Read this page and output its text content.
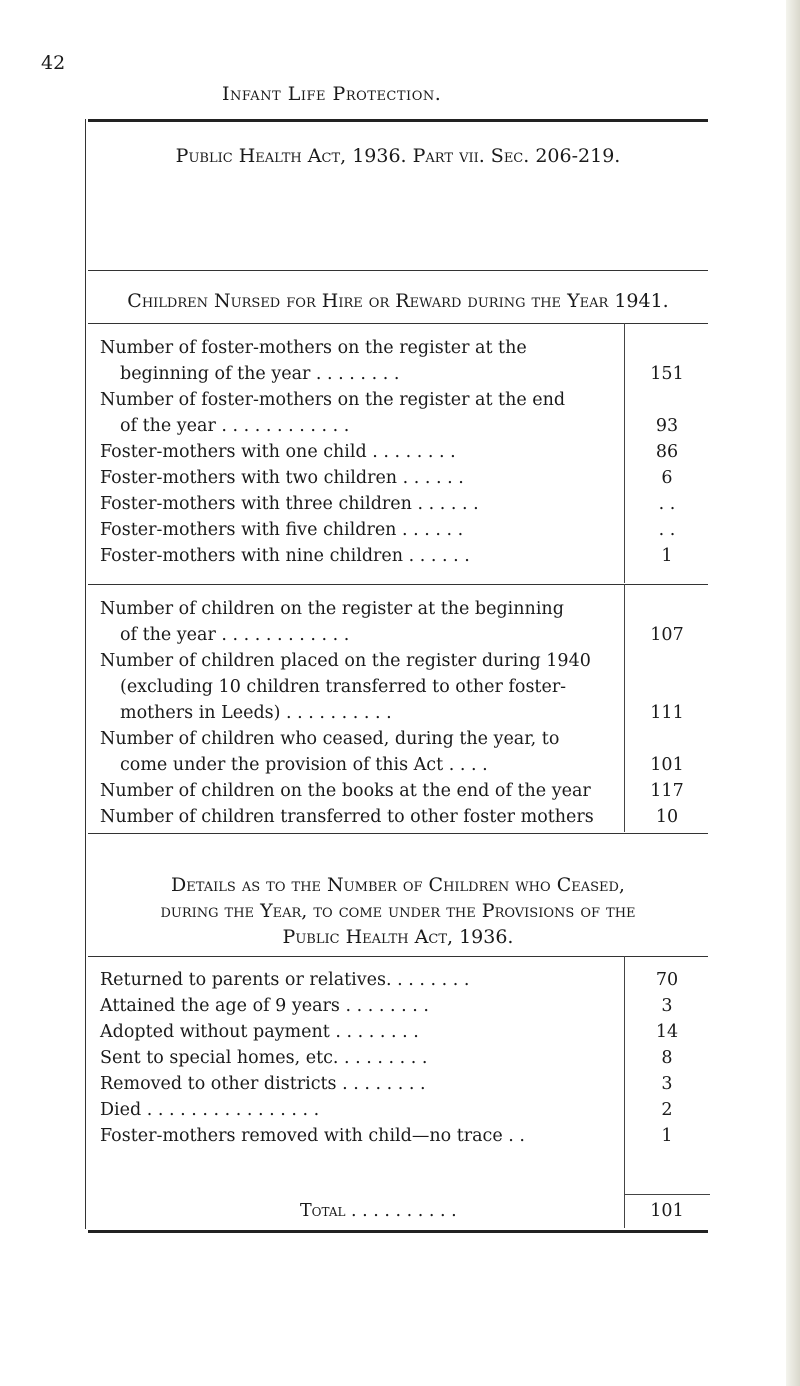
42
Infant Life Protection.
Public Health Act, 1936. Part vii. Sec. 206-219.
Children Nursed for Hire or Reward during the Year 1941.
Number of foster-mothers on the register at the
beginning of the year . . . . . . . .	151
Number of foster-mothers on the register at the end
of the year . . . . . . . . . . . .	93
Foster-mothers with one child . . . . . . . .	86
Foster-mothers with two children . . . . . .	6
Foster-mothers with three children . . . . . .	. .
Foster-mothers with five children . . . . . .	. .
Foster-mothers with nine children . . . . . .	1
Number of children on the register at the beginning
of the year . . . . . . . . . . . .	107
Number of children placed on the register during 1940
(excluding 10 children transferred to other foster-
mothers in Leeds) . . . . . . . . . .	111
Number of children who ceased, during the year, to
come under the provision of this Act . . . .	101
Number of children on the books at the end of the year	117
Number of children transferred to other foster mothers	10
Details as to the Number of Children who Ceased,
during the Year, to come under the Provisions of the
Public Health Act, 1936.
Returned to parents or relatives. . . . . . . .	70
Attained the age of 9 years . . . . . . . .	3
Adopted without payment . . . . . . . .	14
Sent to special homes, etc. . . . . . . . .	8
Removed to other districts . . . . . . . .	3
Died . . . . . . . . . . . . . . . .	2
Foster-mothers removed with child—no trace . .	1
Total . . . . . . . . . .	101
